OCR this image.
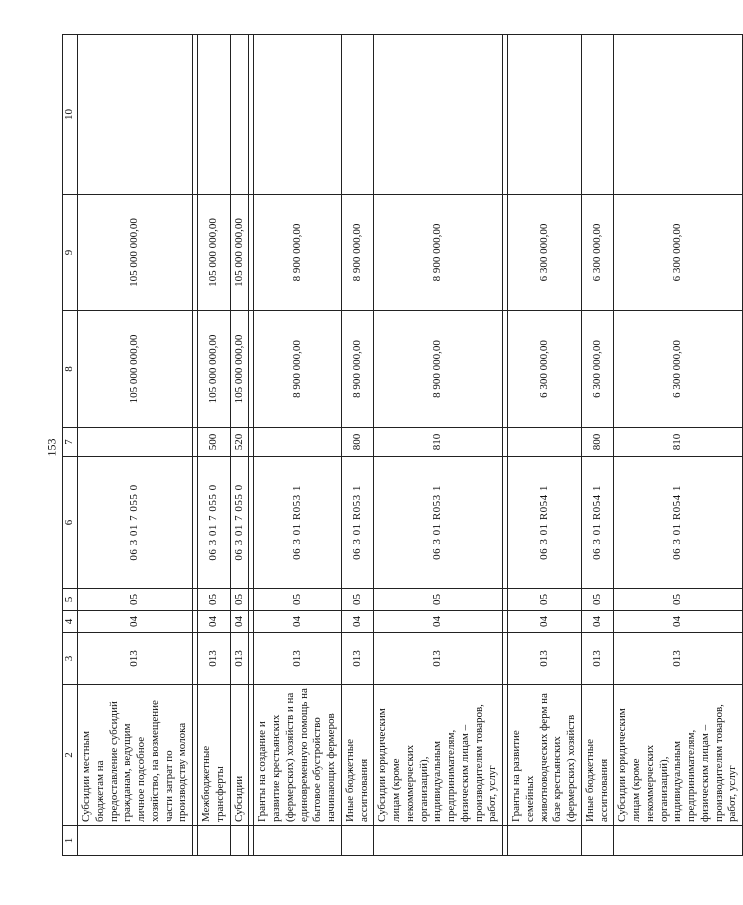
153
1	2	3	4	5	6	7	8	9	10
	Субсидии местным бюджетам на предоставление субсидий гражданам, ведущим личное подсобное хозяйство, на возмещение части затрат по производству молока	013	04	05	06 3 01 7 055 0		105 000 000,00	105 000 000,00	

	Межбюджетные трансферты	013	04	05	06 3 01 7 055 0	500	105 000 000,00	105 000 000,00	
	Субсидии	013	04	05	06 3 01 7 055 0	520	105 000 000,00	105 000 000,00	

	Гранты на создание и развитие крестьянских (фермерских) хозяйств и на единовременную помощь на бытовое обустройство начинающих фермеров	013	04	05	06 3 01 R053 1		8 900 000,00	8 900 000,00	
	Иные бюджетные ассигнования	013	04	05	06 3 01 R053 1	800	8 900 000,00	8 900 000,00	
	Субсидии юридическим лицам (кроме некоммерческих организаций), индивидуальным предпринимателям, физическим лицам – производителям товаров, работ, услуг	013	04	05	06 3 01 R053 1	810	8 900 000,00	8 900 000,00	

	Гранты на развитие семейных животноводческих ферм на базе крестьянских (фермерских) хозяйств	013	04	05	06 3 01 R054 1		6 300 000,00	6 300 000,00	
	Иные бюджетные ассигнования	013	04	05	06 3 01 R054 1	800	6 300 000,00	6 300 000,00	
	Субсидии юридическим лицам (кроме некоммерческих организаций), индивидуальным предпринимателям, физическим лицам – производителям товаров, работ, услуг	013	04	05	06 3 01 R054 1	810	6 300 000,00	6 300 000,00	
